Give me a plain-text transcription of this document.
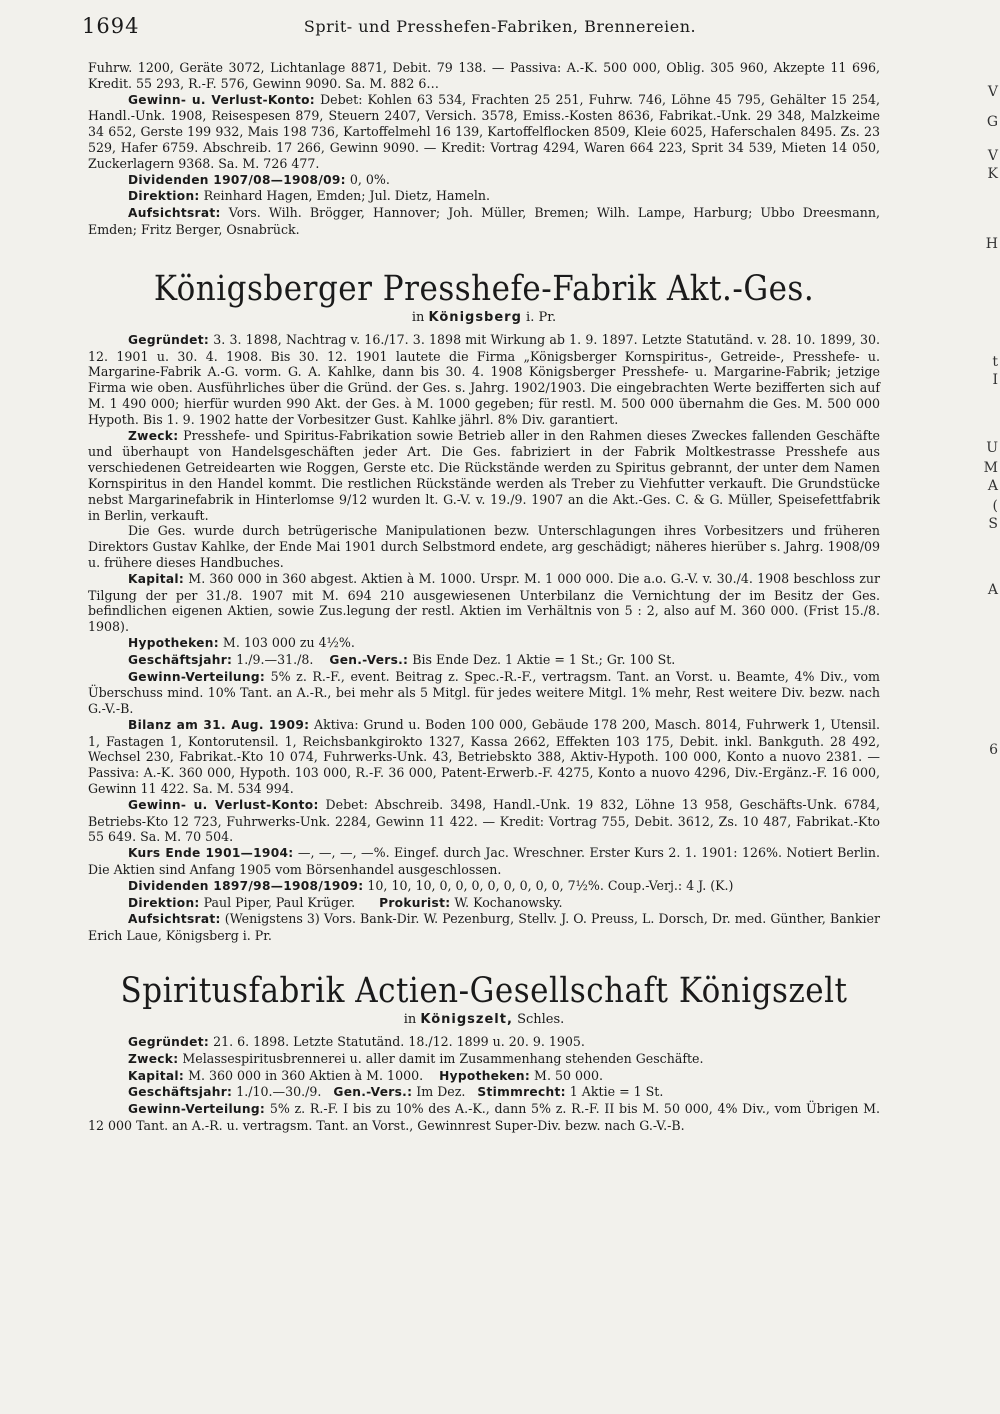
1694	Sprit- und Presshefen-Fabriken, Brennereien.
V
G
V
K
H
t
I
U
M
A
(
S
A
6

Fuhrw. 1200, Geräte 3072, Lichtanlage 8871, Debit. 79 138. — Passiva: A.-K. 500 000, Oblig. 305 960, Akzepte 11 696, Kredit. 55 293, R.-F. 576, Gewinn 9090. Sa. M. 882 6…

Gewinn- u. Verlust-Konto: Debet: Kohlen 63 534, Frachten 25 251, Fuhrw. 746, Löhne 45 795, Gehälter 15 254, Handl.-Unk. 1908, Reisespesen 879, Steuern 2407, Versich. 3578, Emiss.-Kosten 8636, Fabrikat.-Unk. 29 348, Malzkeime 34 652, Gerste 199 932, Mais 198 736, Kartoffelmehl 16 139, Kartoffelflocken 8509, Kleie 6025, Haferschalen 8495. Zs. 23 529, Hafer 6759. Abschreib. 17 266, Gewinn 9090. — Kredit: Vortrag 4294, Waren 664 223, Sprit 34 539, Mieten 14 050, Zuckerlagern 9368. Sa. M. 726 477.

Dividenden 1907/08—1908/09: 0, 0%.

Direktion: Reinhard Hagen, Emden; Jul. Dietz, Hameln.

Aufsichtsrat: Vors. Wilh. Brögger, Hannover; Joh. Müller, Bremen; Wilh. Lampe, Harburg; Ubbo Dreesmann, Emden; Fritz Berger, Osnabrück.

Königsberger Presshefe-Fabrik Akt.-Ges.
in Königsberg i. Pr.

Gegründet: 3. 3. 1898, Nachtrag v. 16./17. 3. 1898 mit Wirkung ab 1. 9. 1897. Letzte Statutänd. v. 28. 10. 1899, 30. 12. 1901 u. 30. 4. 1908. Bis 30. 12. 1901 lautete die Firma „Königsberger Kornspiritus-, Getreide-, Presshefe- u. Margarine-Fabrik A.-G. vorm. G. A. Kahlke, dann bis 30. 4. 1908 Königsberger Presshefe- u. Margarine-Fabrik; jetzige Firma wie oben. Ausführliches über die Gründ. der Ges. s. Jahrg. 1902/1903. Die eingebrachten Werte bezifferten sich auf M. 1 490 000; hierfür wurden 990 Akt. der Ges. à M. 1000 gegeben; für restl. M. 500 000 übernahm die Ges. M. 500 000 Hypoth. Bis 1. 9. 1902 hatte der Vorbesitzer Gust. Kahlke jährl. 8% Div. garantiert.

Zweck: Presshefe- und Spiritus-Fabrikation sowie Betrieb aller in den Rahmen dieses Zweckes fallenden Geschäfte und überhaupt von Handelsgeschäften jeder Art. Die Ges. fabriziert in der Fabrik Moltkestrasse Presshefe aus verschiedenen Getreidearten wie Roggen, Gerste etc. Die Rückstände werden zu Spiritus gebrannt, der unter dem Namen Kornspiritus in den Handel kommt. Die restlichen Rückstände werden als Treber zu Viehfutter verkauft. Die Grundstücke nebst Margarinefabrik in Hinterlomse 9/12 wurden lt. G.-V. v. 19./9. 1907 an die Akt.-Ges. C. & G. Müller, Speisefettfabrik in Berlin, verkauft.

Die Ges. wurde durch betrügerische Manipulationen bezw. Unterschlagungen ihres Vorbesitzers und früheren Direktors Gustav Kahlke, der Ende Mai 1901 durch Selbstmord endete, arg geschädigt; näheres hierüber s. Jahrg. 1908/09 u. frühere dieses Handbuches.

Kapital: M. 360 000 in 360 abgest. Aktien à M. 1000. Urspr. M. 1 000 000. Die a.o. G.-V. v. 30./4. 1908 beschloss zur Tilgung der per 31./8. 1907 mit M. 694 210 ausgewiesenen Unterbilanz die Vernichtung der im Besitz der Ges. befindlichen eigenen Aktien, sowie Zus.legung der restl. Aktien im Verhältnis von 5 : 2, also auf M. 360 000. (Frist 15./8. 1908).

Hypotheken: M. 103 000 zu 4½%.

Geschäftsjahr: 1./9.—31./8. Gen.-Vers.: Bis Ende Dez. 1 Aktie = 1 St.; Gr. 100 St.

Gewinn-Verteilung: 5% z. R.-F., event. Beitrag z. Spec.-R.-F., vertragsm. Tant. an Vorst. u. Beamte, 4% Div., vom Überschuss mind. 10% Tant. an A.-R., bei mehr als 5 Mitgl. für jedes weitere Mitgl. 1% mehr, Rest weitere Div. bezw. nach G.-V.-B.

Bilanz am 31. Aug. 1909: Aktiva: Grund u. Boden 100 000, Gebäude 178 200, Masch. 8014, Fuhrwerk 1, Utensil. 1, Fastagen 1, Kontorutensil. 1, Reichsbankgirokto 1327, Kassa 2662, Effekten 103 175, Debit. inkl. Bankguth. 28 492, Wechsel 230, Fabrikat.-Kto 10 074, Fuhrwerks-Unk. 43, Betriebskto 388, Aktiv-Hypoth. 100 000, Konto a nuovo 2381. — Passiva: A.-K. 360 000, Hypoth. 103 000, R.-F. 36 000, Patent-Erwerb.-F. 4275, Konto a nuovo 4296, Div.-Ergänz.-F. 16 000, Gewinn 11 422. Sa. M. 534 994.

Gewinn- u. Verlust-Konto: Debet: Abschreib. 3498, Handl.-Unk. 19 832, Löhne 13 958, Geschäfts-Unk. 6784, Betriebs-Kto 12 723, Fuhrwerks-Unk. 2284, Gewinn 11 422. — Kredit: Vortrag 755, Debit. 3612, Zs. 10 487, Fabrikat.-Kto 55 649. Sa. M. 70 504.

Kurs Ende 1901—1904: —, —, —, —%. Eingef. durch Jac. Wreschner. Erster Kurs 2. 1. 1901: 126%. Notiert Berlin. Die Aktien sind Anfang 1905 vom Börsenhandel ausgeschlossen.

Dividenden 1897/98—1908/1909: 10, 10, 10, 0, 0, 0, 0, 0, 0, 0, 0, 7½%. Coup.-Verj.: 4 J. (K.)

Direktion: Paul Piper, Paul Krüger. Prokurist: W. Kochanowsky.

Aufsichtsrat: (Wenigstens 3) Vors. Bank-Dir. W. Pezenburg, Stellv. J. O. Preuss, L. Dorsch, Dr. med. Günther, Bankier Erich Laue, Königsberg i. Pr.

Spiritusfabrik Actien-Gesellschaft Königszelt
in Königszelt, Schles.

Gegründet: 21. 6. 1898. Letzte Statutänd. 18./12. 1899 u. 20. 9. 1905.

Zweck: Melassespiritusbrennerei u. aller damit im Zusammenhang stehenden Geschäfte.

Kapital: M. 360 000 in 360 Aktien à M. 1000. Hypotheken: M. 50 000.

Geschäftsjahr: 1./10.—30./9. Gen.-Vers.: Im Dez. Stimmrecht: 1 Aktie = 1 St.

Gewinn-Verteilung: 5% z. R.-F. I bis zu 10% des A.-K., dann 5% z. R.-F. II bis M. 50 000, 4% Div., vom Übrigen M. 12 000 Tant. an A.-R. u. vertragsm. Tant. an Vorst., Gewinnrest Super-Div. bezw. nach G.-V.-B.
